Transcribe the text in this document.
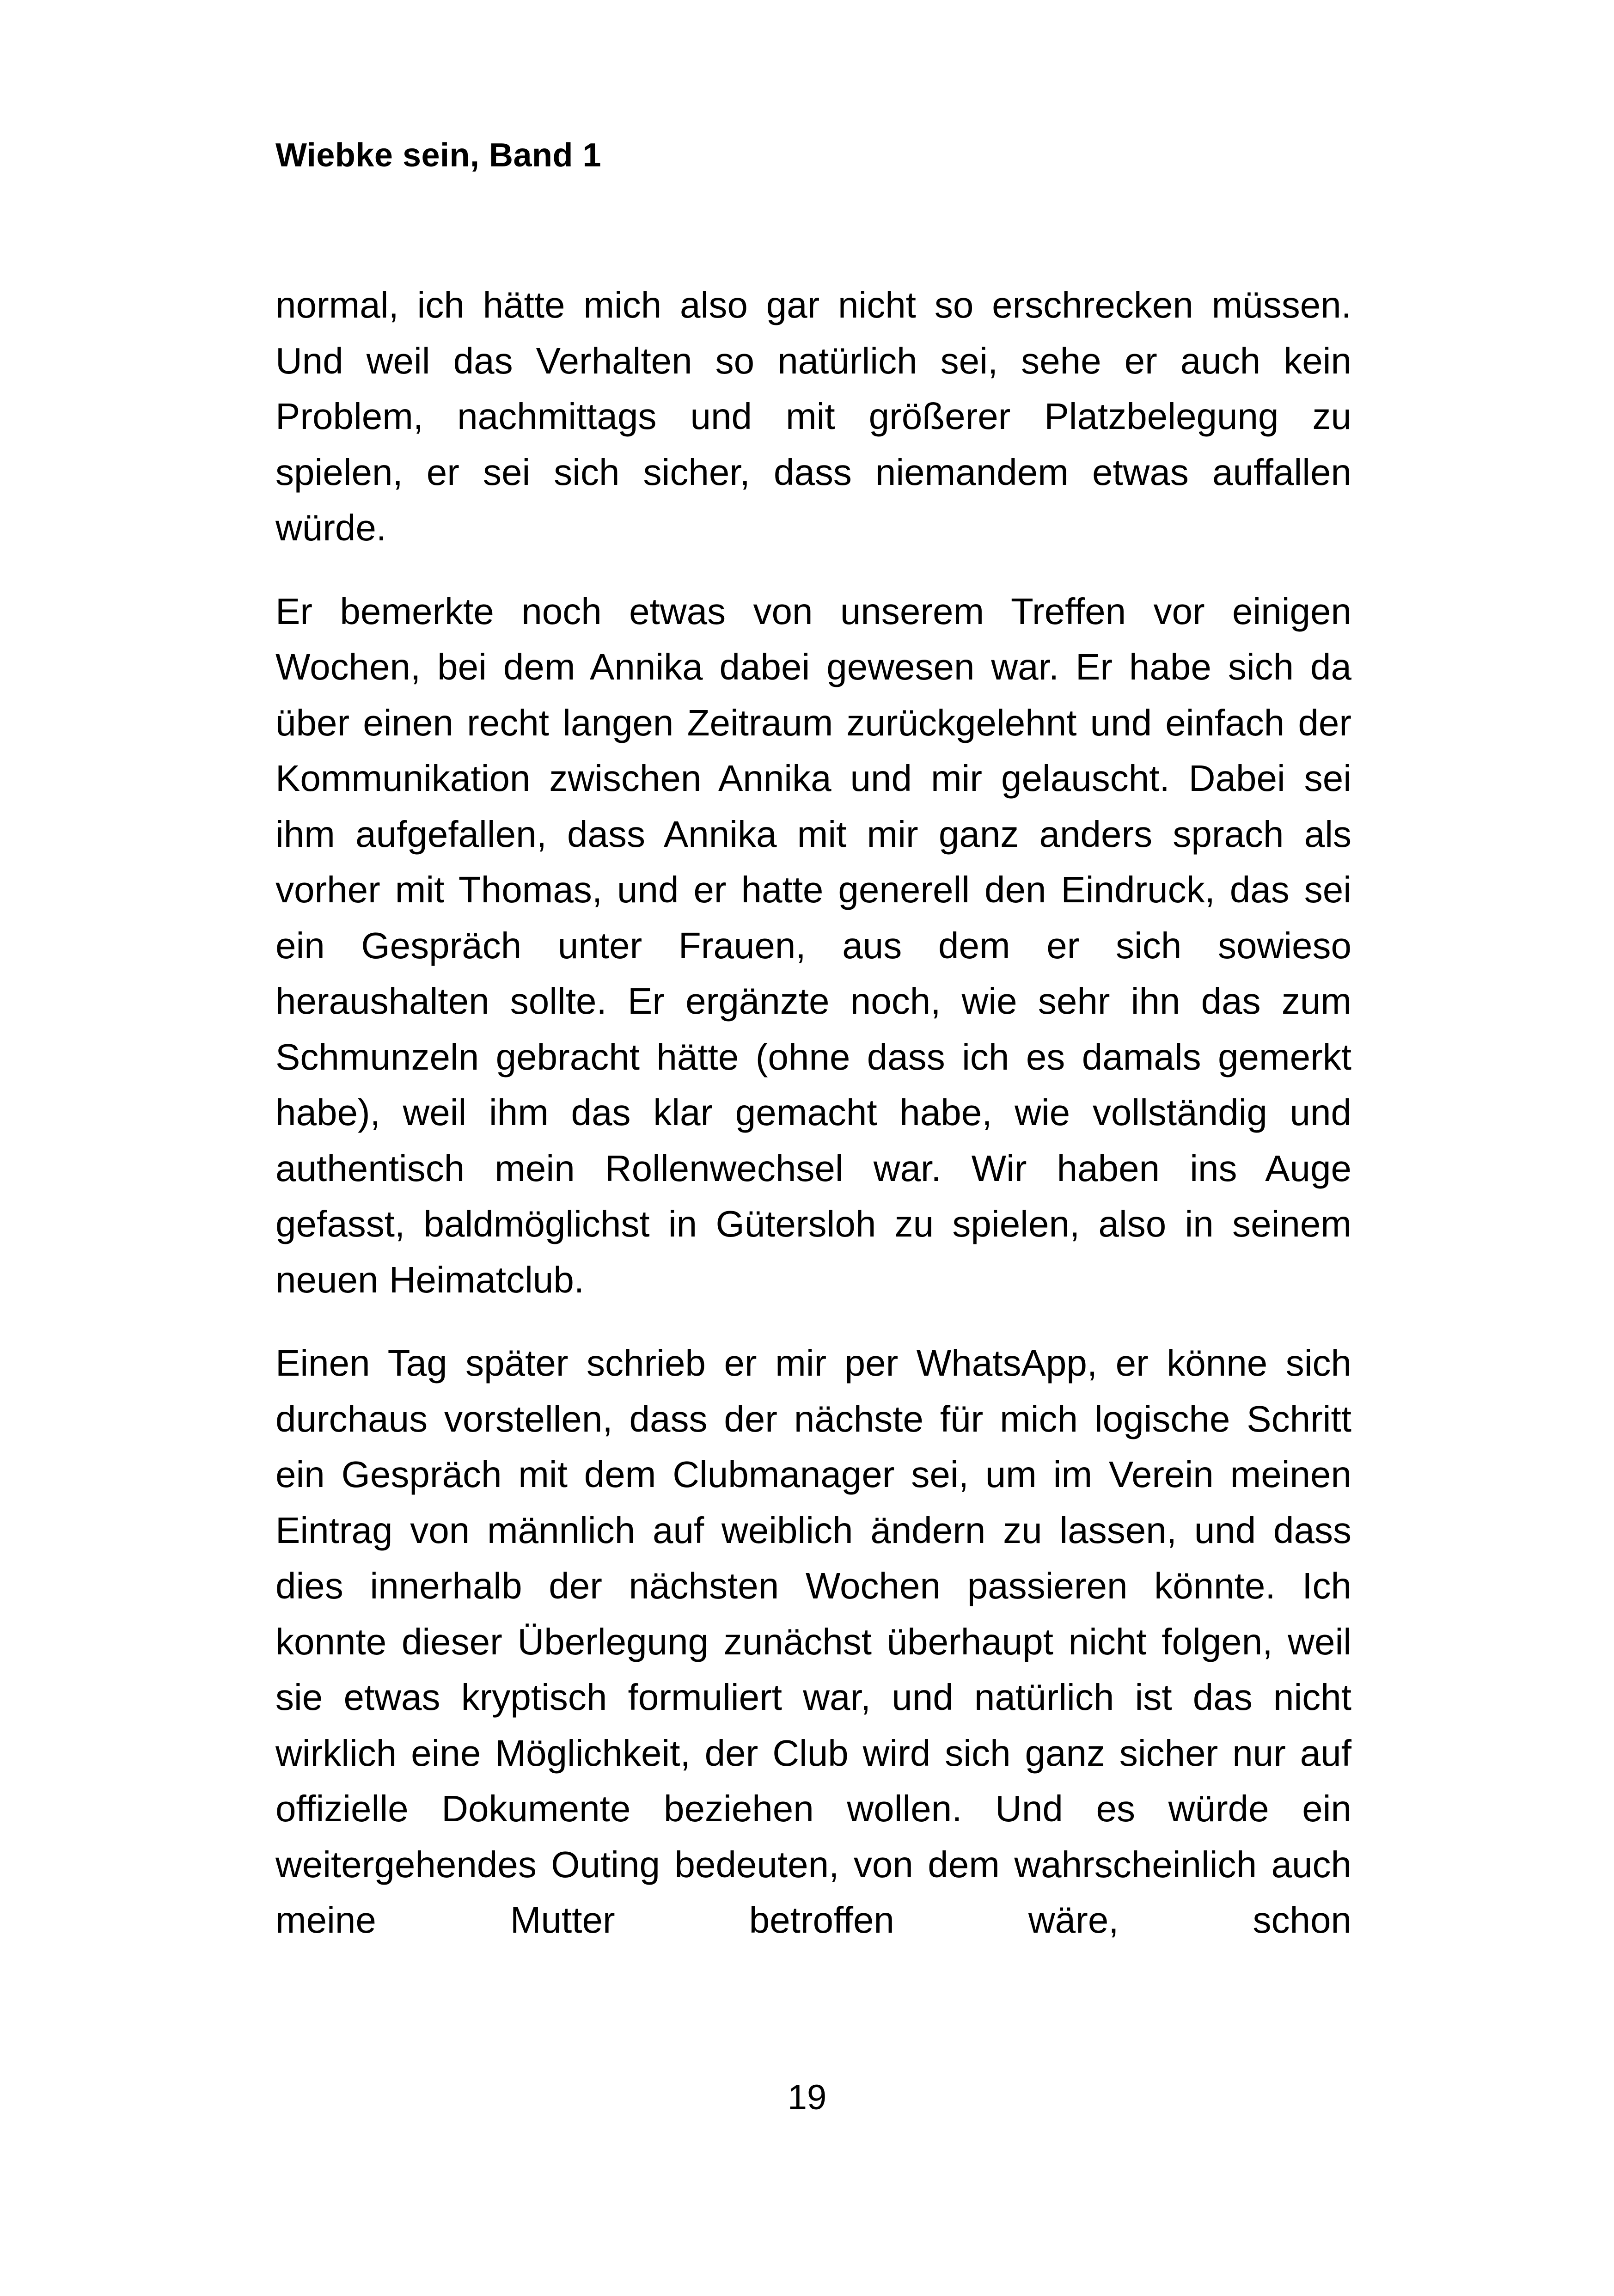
Wiebke sein, Band 1

normal, ich hätte mich also gar nicht so erschrecken müssen. Und weil das Verhalten so natürlich sei, sehe er auch kein Problem, nachmittags und mit größerer Platzbelegung zu spielen, er sei sich sicher, dass niemandem etwas auffallen würde.

Er bemerkte noch etwas von unserem Treffen vor einigen Wochen, bei dem Annika dabei gewesen war. Er habe sich da über einen recht langen Zeitraum zurückgelehnt und einfach der Kommunikation zwischen Annika und mir gelauscht. Dabei sei ihm aufgefallen, dass Annika mit mir ganz anders sprach als vorher mit Thomas, und er hatte generell den Eindruck, das sei ein Gespräch unter Frauen, aus dem er sich sowieso heraushalten sollte. Er ergänzte noch, wie sehr ihn das zum Schmunzeln gebracht hätte (ohne dass ich es damals gemerkt habe), weil ihm das klar gemacht habe, wie vollständig und authentisch mein Rollenwechsel war. Wir haben ins Auge gefasst, baldmöglichst in Gütersloh zu spielen, also in seinem neuen Heimatclub.

Einen Tag später schrieb er mir per WhatsApp, er könne sich durchaus vorstellen, dass der nächste für mich logische Schritt ein Gespräch mit dem Clubmanager sei, um im Verein meinen Eintrag von männlich auf weiblich ändern zu lassen, und dass dies innerhalb der nächsten Wochen passieren könnte. Ich konnte dieser Überlegung zunächst überhaupt nicht folgen, weil sie etwas kryptisch formuliert war, und natürlich ist das nicht wirklich eine Möglichkeit, der Club wird sich ganz sicher nur auf offizielle Dokumente beziehen wollen. Und es würde ein weitergehendes Outing bedeuten, von dem wahrscheinlich auch meine Mutter betroffen wäre, schon

19
